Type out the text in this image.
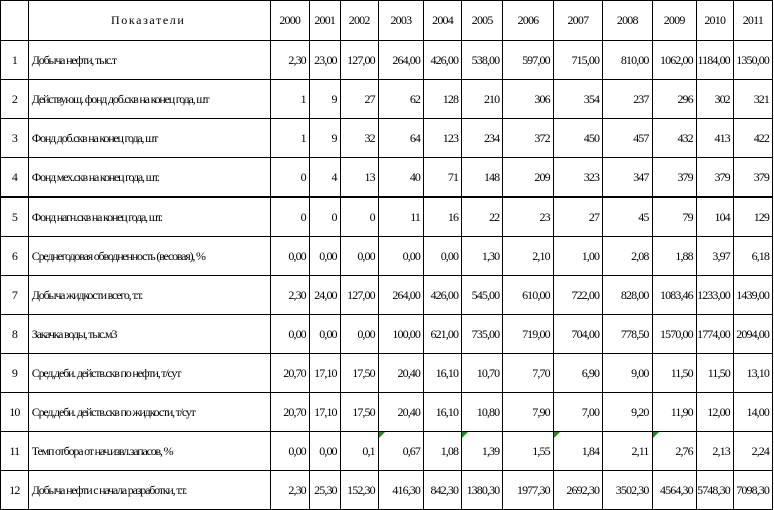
	Показатели	2000	2001	2002	2003	2004	2005	2006	2007	2008	2009	2010	2011
1	Добыча нефти, тыс.т	2,30	23,00	127,00	264,00	426,00	538,00	597,00	715,00	810,00	1062,00	1184,00	1350,00
2	Действующ. фонд доб.скв на конец года, шт	1	9	27	62	128	210	306	354	237	296	302	321
3	Фонд доб.скв на конец года, шт	1	9	32	64	123	234	372	450	457	432	413	422
4	Фонд мех.скв на конец года, шт.	0	4	13	40	71	148	209	323	347	379	379	379
5	Фонд нагн.скв на конец года, шт.	0	0	0	11	16	22	23	27	45	79	104	129
6	Среднегодовая обводненность (весовая), %	0,00	0,00	0,00	0,00	0,00	1,30	2,10	1,00	2,08	1,88	3,97	6,18
7	Добыча жидкости всего, т.т.	2,30	24,00	127,00	264,00	426,00	545,00	610,00	722,00	828,00	1083,46	1233,00	1439,00
8	Закачка воды, тыс.м3	0,00	0,00	0,00	100,00	621,00	735,00	719,00	704,00	778,50	1570,00	1774,00	2094,00
9	Сред.деби. действ.скв по нефти, т/сут	20,70	17,10	17,50	20,40	16,10	10,70	7,70	6,90	9,00	11,50	11,50	13,10
10	Сред.деби. действ.скв по жидкости, т/сут	20,70	17,10	17,50	20,40	16,10	10,80	7,90	7,00	9,20	11,90	12,00	14,00
11	Темп отбора от нач.извл.запасов, %	0,00	0,00	0,1	0,67	1,08	1,39	1,55	1,84	2,11	2,76	2,13	2,24
12	Добыча нефти с начала разработки, т.т.	2,30	25,30	152,30	416,30	842,30	1380,30	1977,30	2692,30	3502,30	4564,30	5748,30	7098,30
